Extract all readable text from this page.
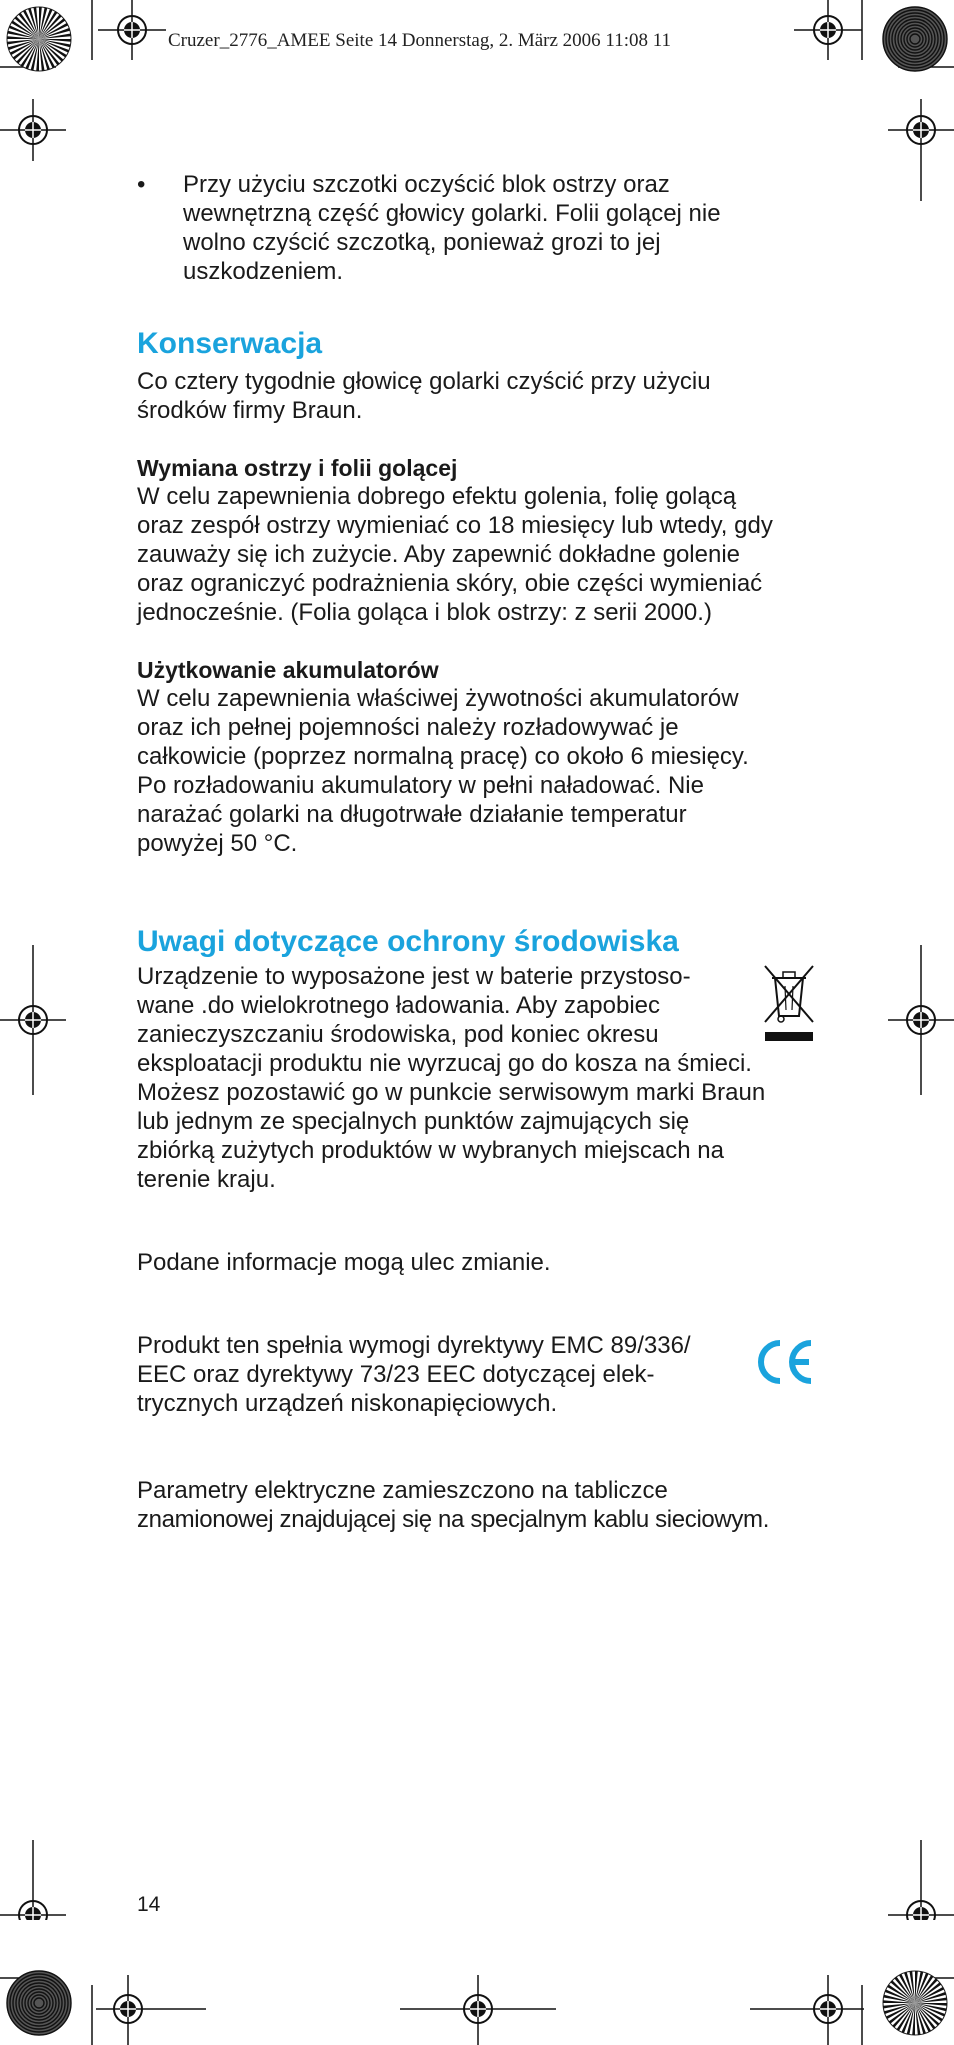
Cruzer_2776_AMEE Seite 14 Donnerstag, 2. März 2006 11:08 11
• Przy użyciu szczotki oczyścić blok ostrzy oraz
wewnętrzną część głowicy golarki. Folii golącej nie
wolno czyścić szczotką, ponieważ grozi to jej
uszkodzeniem.

Konserwacja

Co cztery tygodnie głowicę golarki czyścić przy użyciu
środków firmy Braun.

Wymiana ostrzy i folii golącej

W celu zapewnienia dobrego efektu golenia, folię golącą
oraz zespół ostrzy wymieniać co 18 miesięcy lub wtedy, gdy
zauważy się ich zużycie. Aby zapewnić dokładne golenie
oraz ograniczyć podrażnienia skóry, obie części wymieniać
jednocześnie. (Folia goląca i blok ostrzy: z serii 2000.)

Użytkowanie akumulatorów

W celu zapewnienia właściwej żywotności akumulatorów
oraz ich pełnej pojemności należy rozładowywać je
całkowicie (poprzez normalną pracę) co około 6 miesięcy.
Po rozładowaniu akumulatory w pełni naładować. Nie
narażać golarki na długotrwałe działanie temperatur
powyżej 50 °C.

Uwagi dotyczące ochrony środowiska

Urządzenie to wyposażone jest w baterie przystoso-
wane .do wielokrotnego ładowania. Aby zapobiec
zanieczyszczaniu środowiska, pod koniec okresu
eksploatacji produktu nie wyrzucaj go do kosza na śmieci.
Możesz pozostawić go w punkcie serwisowym marki Braun
lub jednym ze specjalnych punktów zajmujących się
zbiórką zużytych produktów w wybranych miejscach na
terenie kraju.

Podane informacje mogą ulec zmianie.

Produkt ten spełnia wymogi dyrektywy EMC 89/336/
EEC oraz dyrektywy 73/23 EEC dotyczącej elek-
trycznych urządzeń niskonapięciowych.

Parametry elektryczne zamieszczono na tabliczce
znamionowej znajdującej się na specjalnym kablu sieciowym.

14
